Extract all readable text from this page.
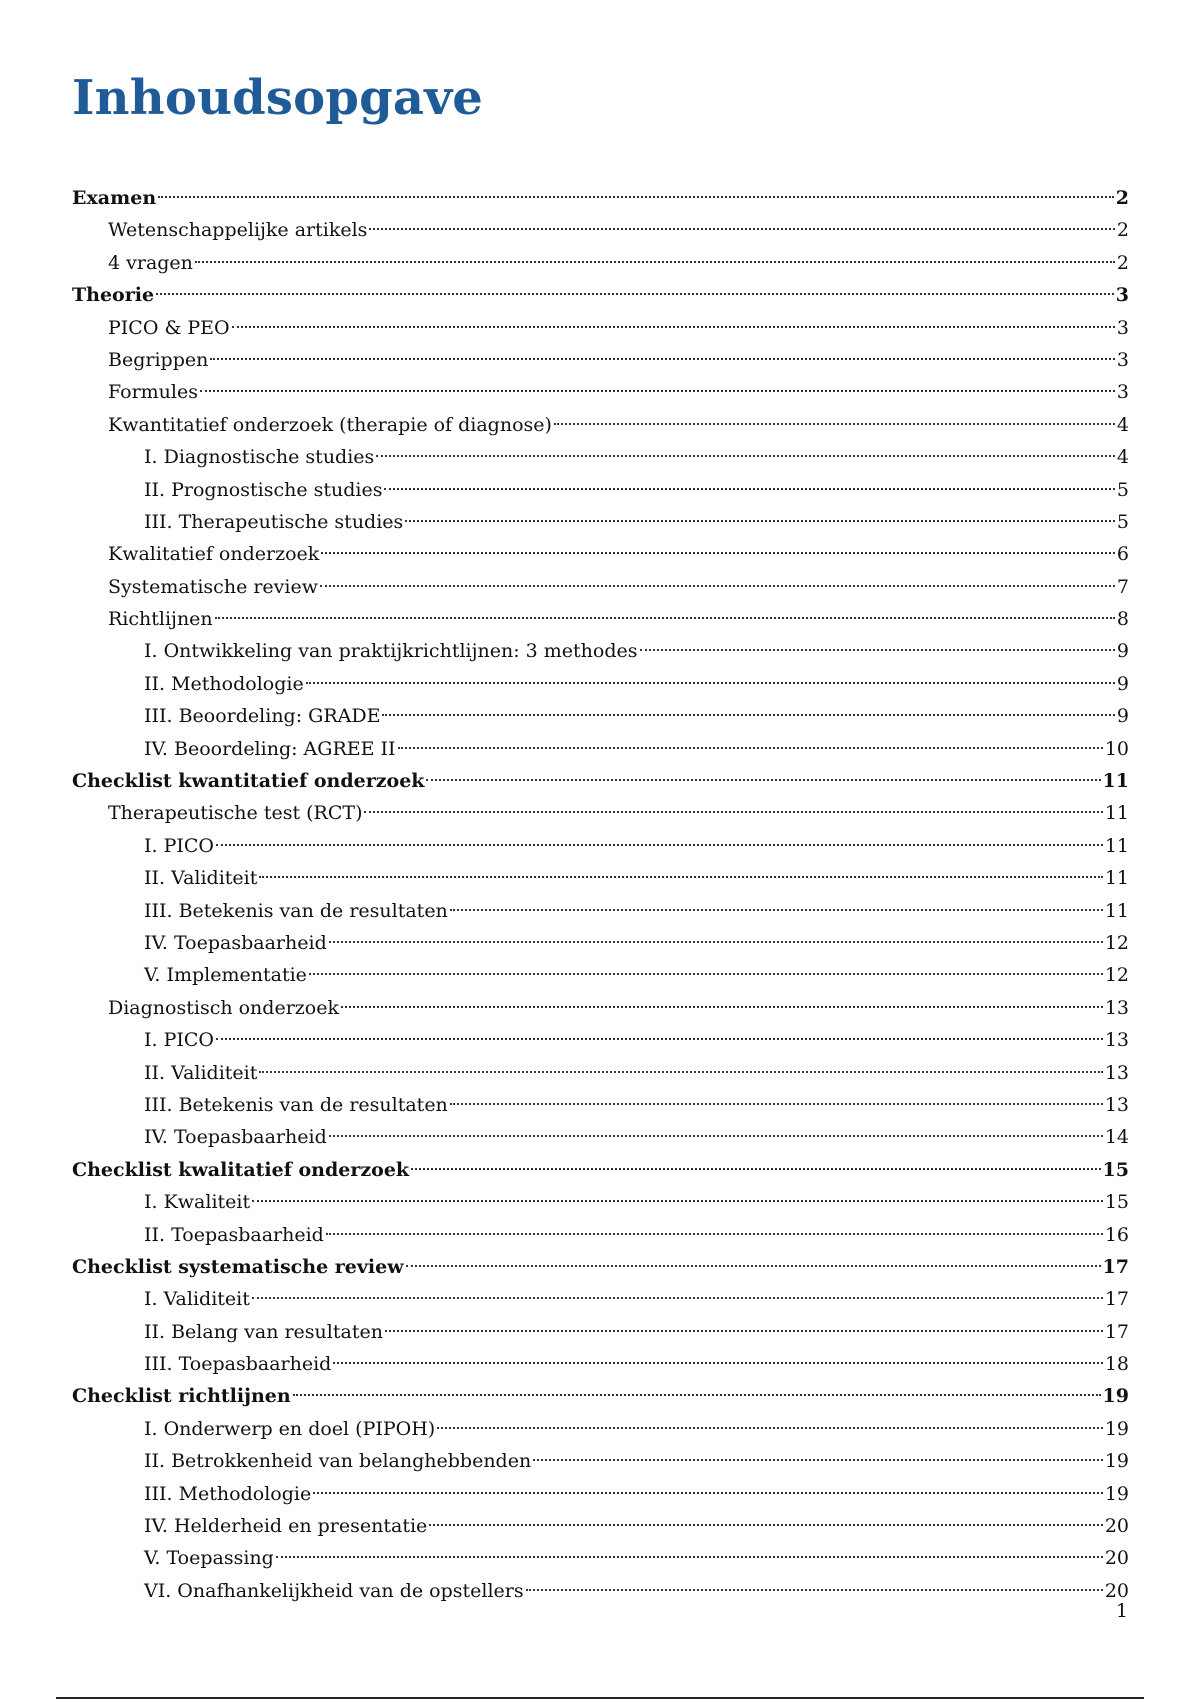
Inhoudsopgave
Examen	2
Wetenschappelijke artikels	2
4 vragen	2
Theorie	3
PICO & PEO	3
Begrippen	3
Formules	3
Kwantitatief onderzoek (therapie of diagnose)	4
I. Diagnostische studies	4
II. Prognostische studies	5
III. Therapeutische studies	5
Kwalitatief onderzoek	6
Systematische review	7
Richtlijnen	8
I. Ontwikkeling van praktijkrichtlijnen: 3 methodes	9
II. Methodologie	9
III. Beoordeling: GRADE	9
IV. Beoordeling: AGREE II	10
Checklist kwantitatief onderzoek	11
Therapeutische test (RCT)	11
I. PICO	11
II. Validiteit	11
III. Betekenis van de resultaten	11
IV. Toepasbaarheid	12
V. Implementatie	12
Diagnostisch onderzoek	13
I. PICO	13
II. Validiteit	13
III. Betekenis van de resultaten	13
IV. Toepasbaarheid	14
Checklist kwalitatief onderzoek	15
I. Kwaliteit	15
II. Toepasbaarheid	16
Checklist systematische review	17
I. Validiteit	17
II. Belang van resultaten	17
III. Toepasbaarheid	18
Checklist richtlijnen	19
I. Onderwerp en doel (PIPOH)	19
II. Betrokkenheid van belanghebbenden	19
III. Methodologie	19
IV. Helderheid en presentatie	20
V. Toepassing	20
VI. Onafhankelijkheid van de opstellers	20
1
